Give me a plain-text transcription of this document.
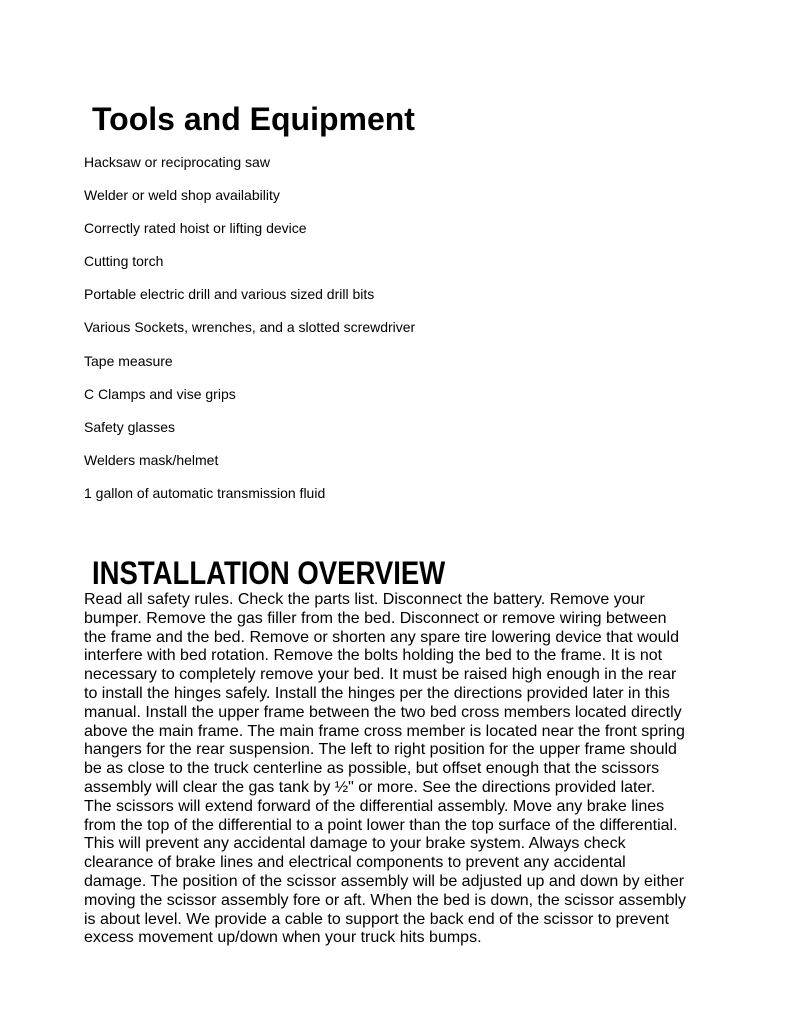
Tools and Equipment
Hacksaw or reciprocating saw
Welder or weld shop availability
Correctly rated hoist or lifting device
Cutting torch
Portable electric drill and various sized drill bits
Various Sockets, wrenches, and a slotted screwdriver
Tape measure
C Clamps and vise grips
Safety glasses
Welders mask/helmet
1 gallon of automatic transmission fluid
INSTALLATION OVERVIEW

Read all safety rules. Check the parts list. Disconnect the battery. Remove your
bumper. Remove the gas filler from the bed. Disconnect or remove wiring between
the frame and the bed. Remove or shorten any spare tire lowering device that would
interfere with bed rotation. Remove the bolts holding the bed to the frame. It is not
necessary to completely remove your bed. It must be raised high enough in the rear
to install the hinges safely. Install the hinges per the directions provided later in this
manual. Install the upper frame between the two bed cross members located directly
above the main frame. The main frame cross member is located near the front spring
hangers for the rear suspension. The left to right position for the upper frame should
be as close to the truck centerline as possible, but offset enough that the scissors
assembly will clear the gas tank by ½" or more. See the directions provided later.
The scissors will extend forward of the differential assembly. Move any brake lines
from the top of the differential to a point lower than the top surface of the differential.
This will prevent any accidental damage to your brake system. Always check
clearance of brake lines and electrical components to prevent any accidental
damage. The position of the scissor assembly will be adjusted up and down by either
moving the scissor assembly fore or aft. When the bed is down, the scissor assembly
is about level. We provide a cable to support the back end of the scissor to prevent
excess movement up/down when your truck hits bumps.
